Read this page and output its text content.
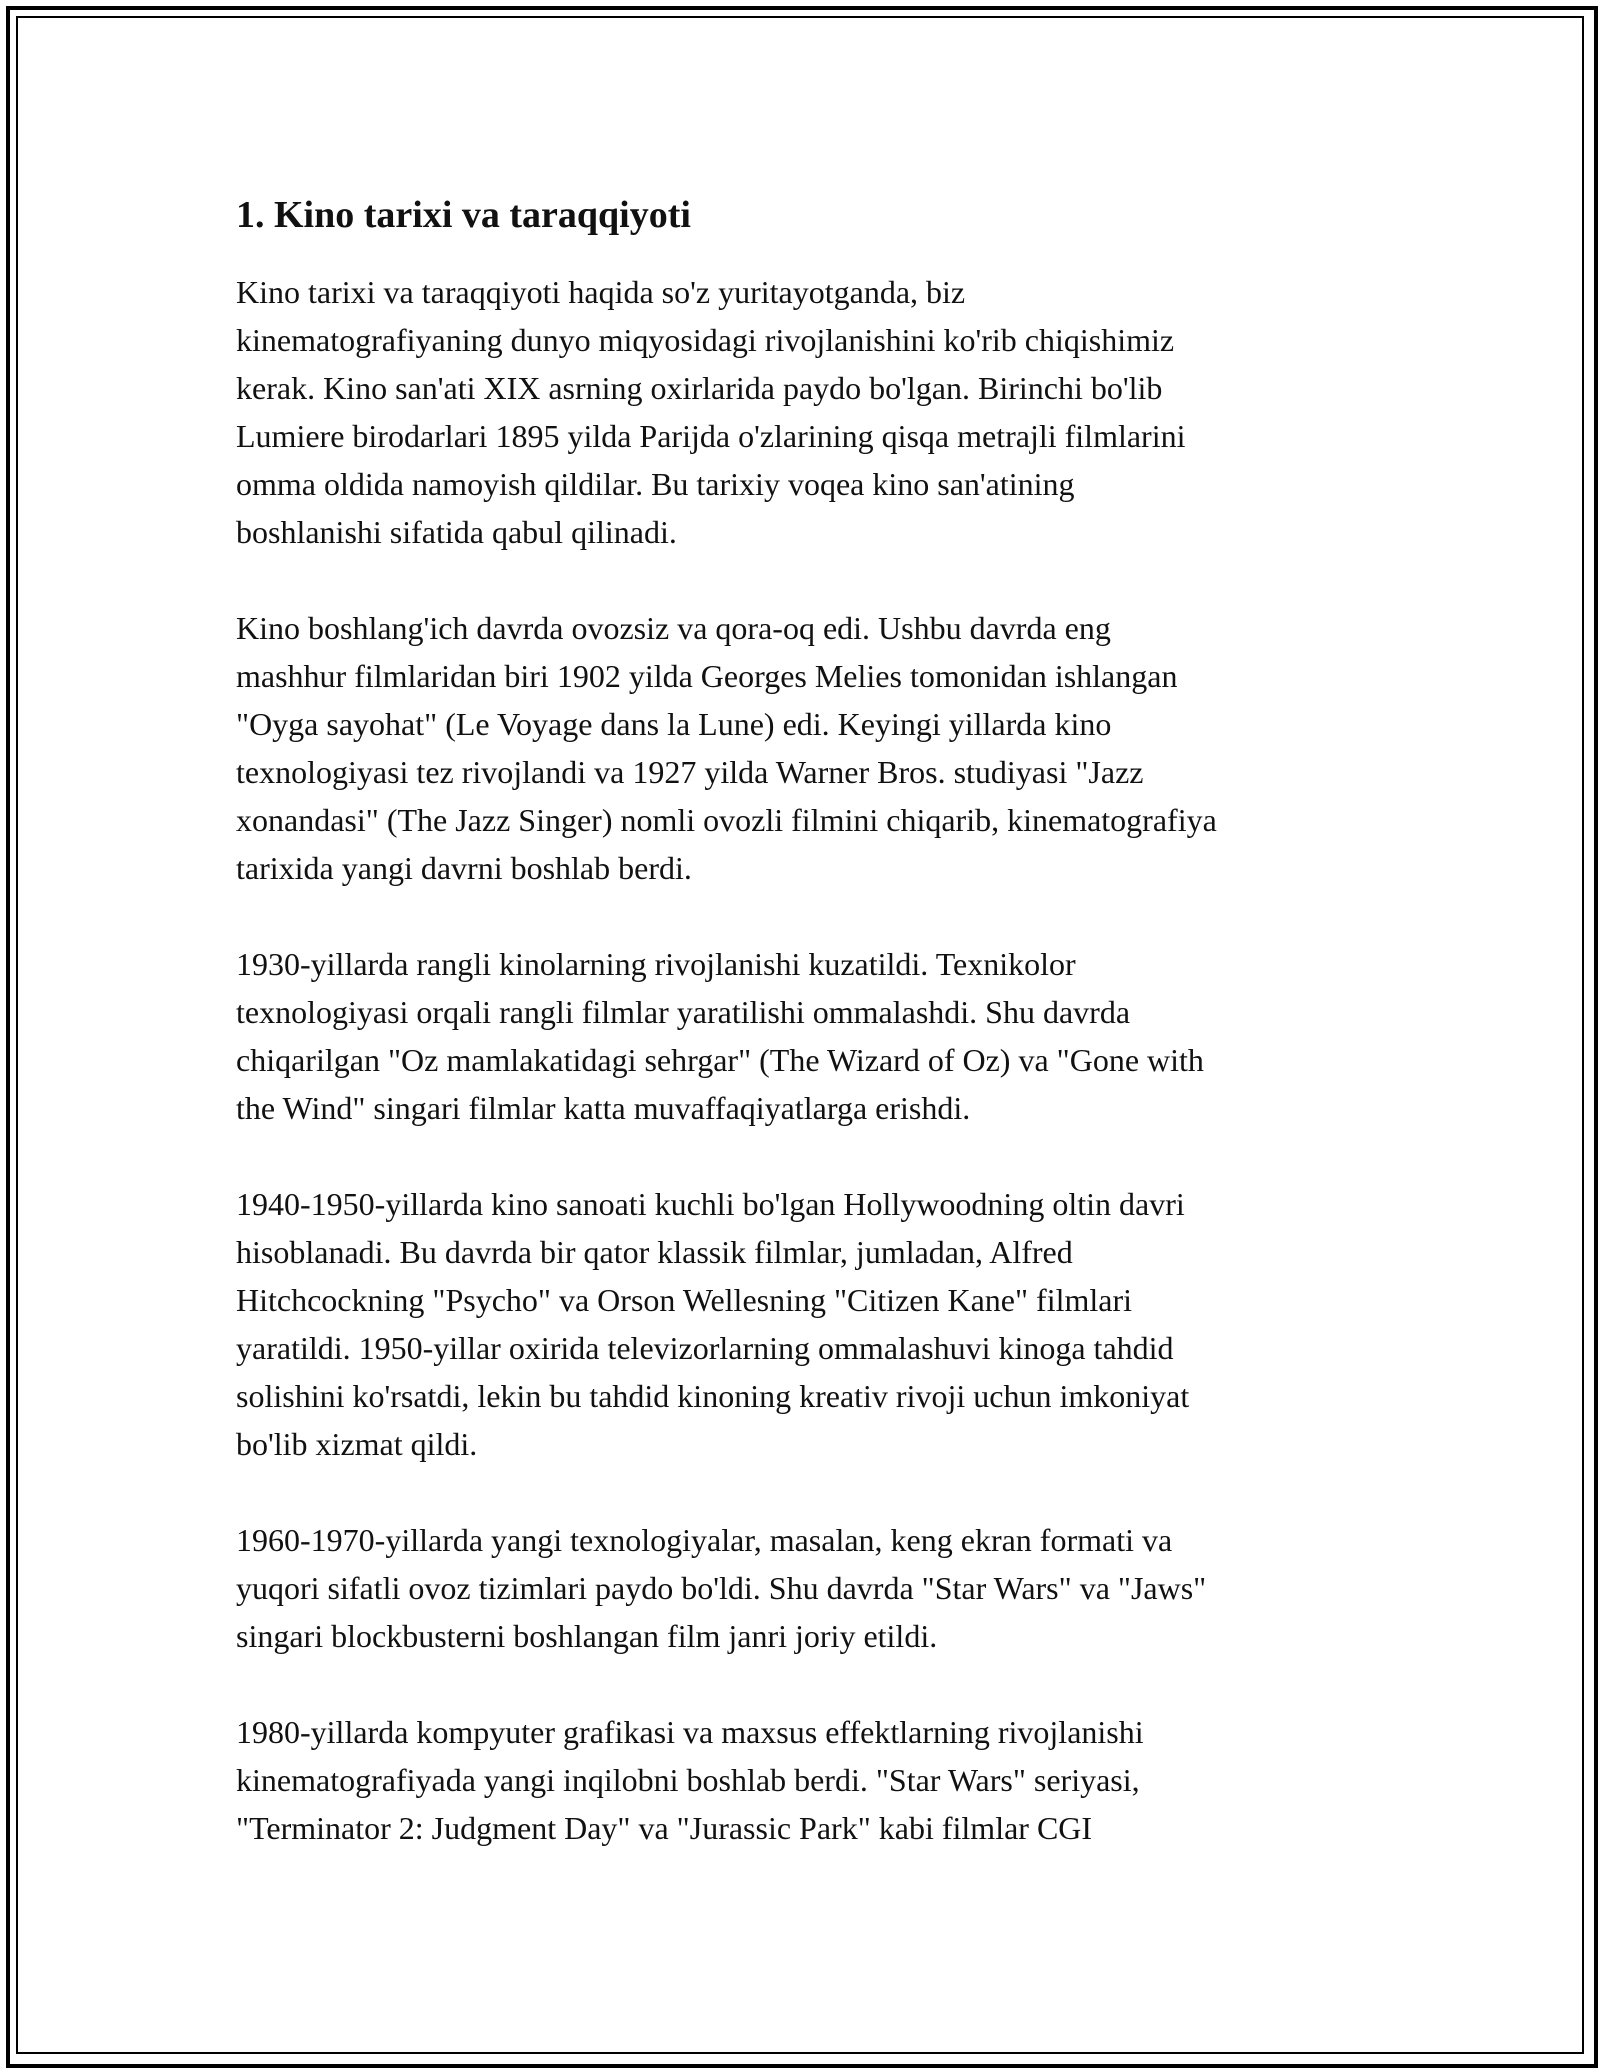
1. Kino tarixi va taraqqiyoti

Kino tarixi va taraqqiyoti haqida so'z yuritayotganda, biz
kinematografiyaning dunyo miqyosidagi rivojlanishini ko'rib chiqishimiz
kerak. Kino san'ati XIX asrning oxirlarida paydo bo'lgan. Birinchi bo'lib
Lumiere birodarlari 1895 yilda Parijda o'zlarining qisqa metrajli filmlarini
omma oldida namoyish qildilar. Bu tarixiy voqea kino san'atining
boshlanishi sifatida qabul qilinadi.

Kino boshlang'ich davrda ovozsiz va qora-oq edi. Ushbu davrda eng
mashhur filmlaridan biri 1902 yilda Georges Melies tomonidan ishlangan
"Oyga sayohat" (Le Voyage dans la Lune) edi. Keyingi yillarda kino
texnologiyasi tez rivojlandi va 1927 yilda Warner Bros. studiyasi "Jazz
xonandasi" (The Jazz Singer) nomli ovozli filmini chiqarib, kinematografiya
tarixida yangi davrni boshlab berdi.

1930-yillarda rangli kinolarning rivojlanishi kuzatildi. Texnikolor
texnologiyasi orqali rangli filmlar yaratilishi ommalashdi. Shu davrda
chiqarilgan "Oz mamlakatidagi sehrgar" (The Wizard of Oz) va "Gone with
the Wind" singari filmlar katta muvaffaqiyatlarga erishdi.

1940-1950-yillarda kino sanoati kuchli bo'lgan Hollywoodning oltin davri
hisoblanadi. Bu davrda bir qator klassik filmlar, jumladan, Alfred
Hitchcockning "Psycho" va Orson Wellesning "Citizen Kane" filmlari
yaratildi. 1950-yillar oxirida televizorlarning ommalashuvi kinoga tahdid
solishini ko'rsatdi, lekin bu tahdid kinoning kreativ rivoji uchun imkoniyat
bo'lib xizmat qildi.

1960-1970-yillarda yangi texnologiyalar, masalan, keng ekran formati va
yuqori sifatli ovoz tizimlari paydo bo'ldi. Shu davrda "Star Wars" va "Jaws"
singari blockbusterni boshlangan film janri joriy etildi.

1980-yillarda kompyuter grafikasi va maxsus effektlarning rivojlanishi
kinematografiyada yangi inqilobni boshlab berdi. "Star Wars" seriyasi,
"Terminator 2: Judgment Day" va "Jurassic Park" kabi filmlar CGI
